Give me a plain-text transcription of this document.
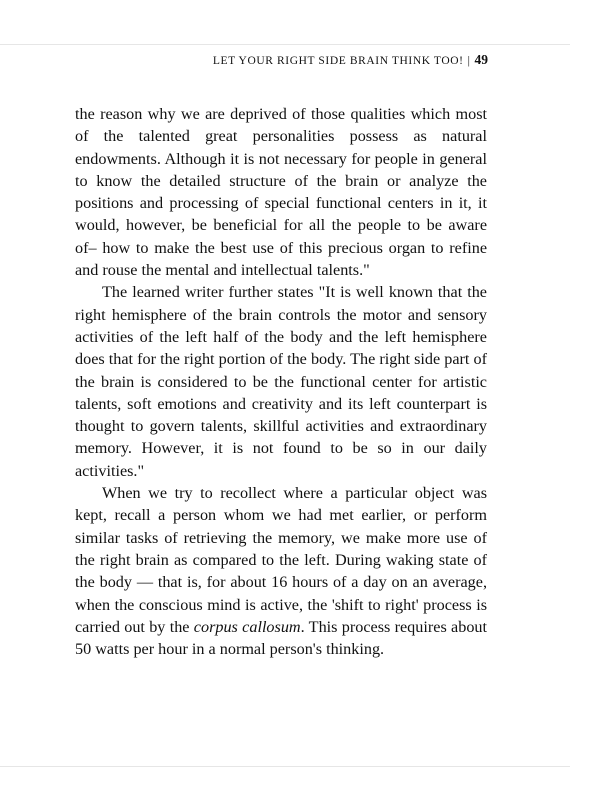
LET YOUR RIGHT SIDE BRAIN THINK TOO! | 49

the reason why we are deprived of those qualities which most of the talented great personalities possess as natural endowments. Although it is not necessary for people in general to know the detailed structure of the brain or analyze the positions and processing of special functional centers in it, it would, however, be beneficial for all the people to be aware of– how to make the best use of this precious organ to refine and rouse the mental and intellectual talents."

The learned writer further states "It is well known that the right hemisphere of the brain controls the motor and sensory activities of the left half of the body and the left hemisphere does that for the right portion of the body. The right side part of the brain is considered to be the functional center for artistic talents, soft emotions and creativity and its left counterpart is thought to govern talents, skillful activities and extraordinary memory. However, it is not found to be so in our daily activities."

When we try to recollect where a particular object was kept, recall a person whom we had met earlier, or perform similar tasks of retrieving the memory, we make more use of the right brain as compared to the left. During waking state of the body — that is, for about 16 hours of a day on an average, when the conscious mind is active, the 'shift to right' process is carried out by the corpus callosum. This process requires about 50 watts per hour in a normal person's thinking.
